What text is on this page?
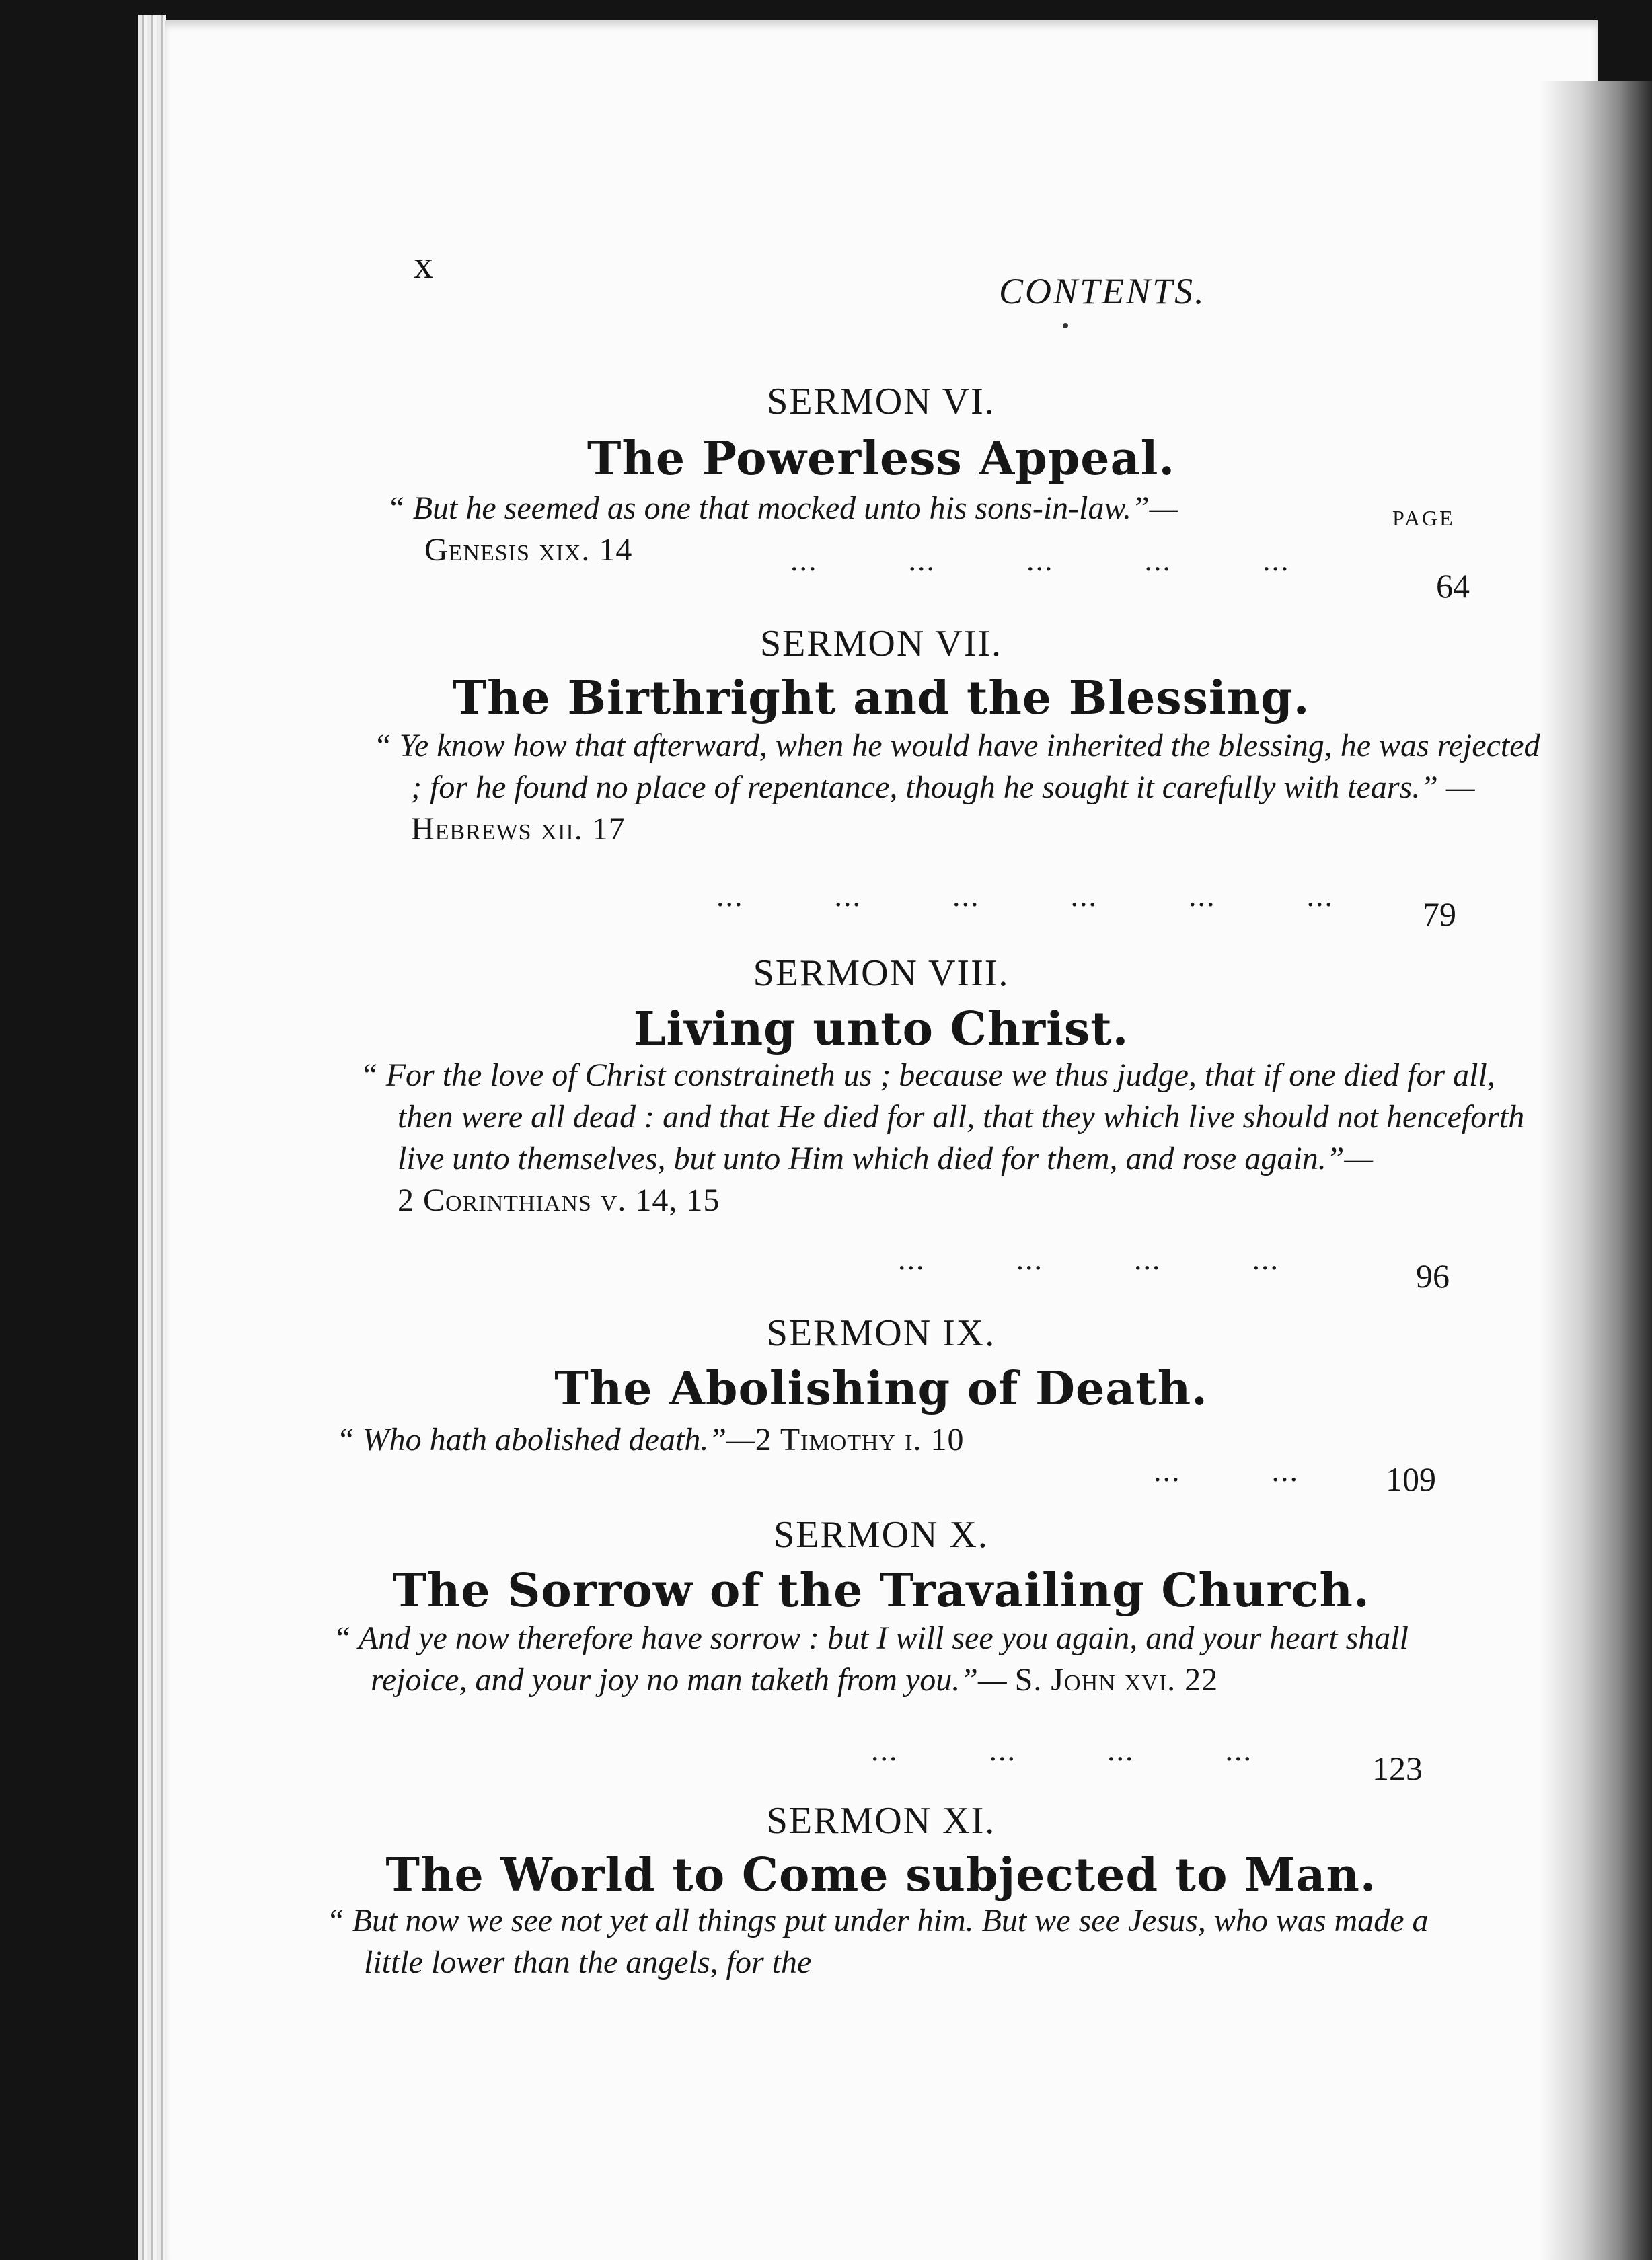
x
CONTENTS.
SERMON VI.
The Powerless Appeal.
PAGE
“ But he seemed as one that mocked unto his sons-in-law.”—
Genesis xix. 14	...          ...          ...          ...          ...
64
SERMON VII.
The Birthright and the Blessing.
“ Ye know how that afterward, when he would have inherited the blessing, he was rejected ; for he found no place of repentance, though he sought it carefully with tears.” — Hebrews xii. 17
...          ...          ...          ...          ...          ...	79
SERMON VIII.
Living unto Christ.
“ For the love of Christ constraineth us ; because we thus judge, that if one died for all, then were all dead : and that He died for all, that they which live should not henceforth live unto themselves, but unto Him which died for them, and rose again.”—
2 Corinthians v. 14, 15
...          ...          ...          ...	96
SERMON IX.
The Abolishing of Death.
“ Who hath abolished death.”—2 Timothy i. 10
...          ...	109
SERMON X.
The Sorrow of the Travailing Church.
“ And ye now therefore have sorrow : but I will see you again, and your heart shall rejoice, and your joy no man taketh from you.”— S. John xvi. 22
...          ...          ...          ...	123
SERMON XI.
The World to Come subjected to Man.
“ But now we see not yet all things put under him. But we see Jesus, who was made a little lower than the angels, for the
